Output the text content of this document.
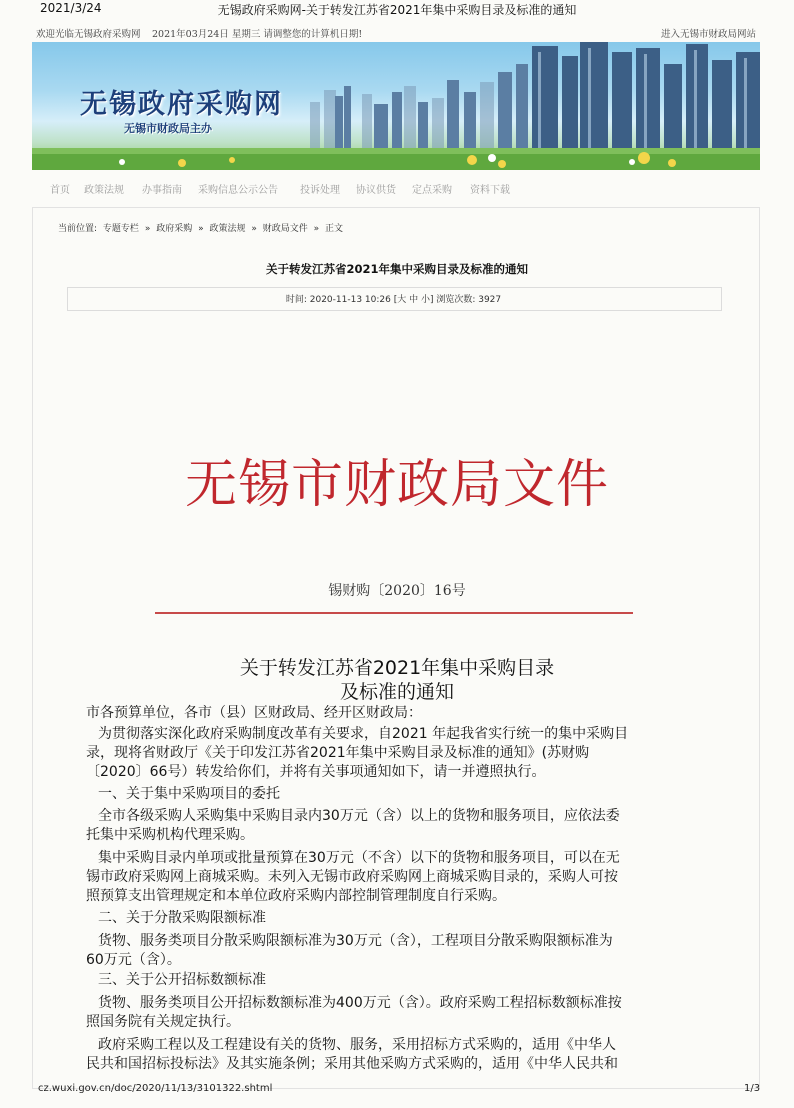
2021/3/24	无锡政府采购网-关于转发江苏省2021年集中采购目录及标准的通知
欢迎光临无锡政府采购网 2021年03月24日 星期三 请调整您的计算机日期!	进入无锡市财政局网站
无锡政府采购网
无锡市财政局主办
首页 政策法规 办事指南 采购信息公示公告 投诉处理 协议供货 定点采购 资料下载
当前位置: 专题专栏 » 政府采购 » 政策法规 » 财政局文件 » 正文
关于转发江苏省2021年集中采购目录及标准的通知
时间: 2020-11-13 10:26 [大 中 小] 浏览次数: 3927
无锡市财政局文件
锡财购〔2020〕16号
关于转发江苏省2021年集中采购目录
及标准的通知
市各预算单位，各市（县）区财政局、经开区财政局：
为贯彻落实深化政府采购制度改革有关要求，自2021 年起我省实行统一的集中采购目
录，现将省财政厅《关于印发江苏省2021年集中采购目录及标准的通知》(苏财购
〔2020〕66号）转发给你们，并将有关事项通知如下，请一并遵照执行。
一、关于集中采购项目的委托
全市各级采购人采购集中采购目录内30万元（含）以上的货物和服务项目，应依法委
托集中采购机构代理采购。
集中采购目录内单项或批量预算在30万元（不含）以下的货物和服务项目，可以在无
锡市政府采购网上商城采购。未列入无锡市政府采购网上商城采购目录的，采购人可按
照预算支出管理规定和本单位政府采购内部控制管理制度自行采购。
二、关于分散采购限额标准
货物、服务类项目分散采购限额标准为30万元（含），工程项目分散采购限额标准为
60万元（含）。
三、关于公开招标数额标准
货物、服务类项目公开招标数额标准为400万元（含）。政府采购工程招标数额标准按
照国务院有关规定执行。
政府采购工程以及工程建设有关的货物、服务，采用招标方式采购的，适用《中华人
民共和国招标投标法》及其实施条例；采用其他采购方式采购的，适用《中华人民共和
cz.wuxi.gov.cn/doc/2020/11/13/3101322.shtml	1/3
